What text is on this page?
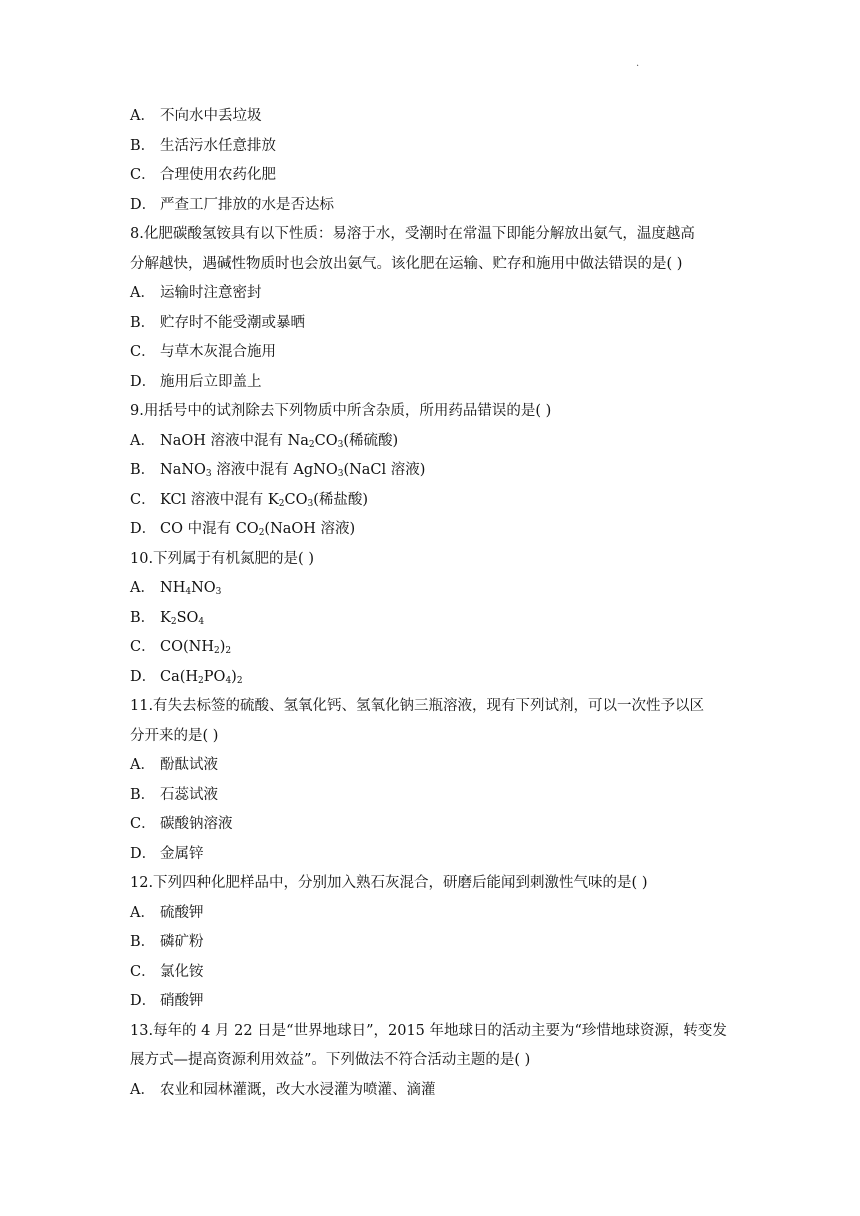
.
A． 不向水中丢垃圾
B． 生活污水任意排放
C． 合理使用农药化肥
D． 严查工厂排放的水是否达标
8.化肥碳酸氢铵具有以下性质：易溶于水，受潮时在常温下即能分解放出氨气，温度越高
分解越快，遇碱性物质时也会放出氨气。该化肥在运输、贮存和施用中做法错误的是( )
A． 运输时注意密封
B． 贮存时不能受潮或暴晒
C． 与草木灰混合施用
D． 施用后立即盖上
9.用括号中的试剂除去下列物质中所含杂质，所用药品错误的是( )
A． NaOH 溶液中混有 $Na_2CO_3$(稀硫酸)
B． NaNO$_3$ 溶液中混有 AgNO$_3$(NaCl 溶液)
C． KCl 溶液中混有 $K_2CO_3$(稀盐酸)
D． CO 中混有 $CO_2(NaOH$ 溶液)
10.下列属于有机氮肥的是( )
A． $NH_4NO_3$
B． $K_2SO_4$
C． $CO(NH_2)_2$
D． $Ca(H_2PO_4)_2$
11.有失去标签的硫酸、氢氧化钙、氢氧化钠三瓶溶液，现有下列试剂，可以一次性予以区
分开来的是( )
A． 酚酞试液
B． 石蕊试液
C． 碳酸钠溶液
D． 金属锌
12.下列四种化肥样品中，分别加入熟石灰混合，研磨后能闻到刺激性气味的是( )
A． 硫酸钾
B． 磷矿粉
C． 氯化铵
D． 硝酸钾
13.每年的 4 月 22 日是“世界地球日”，2015 年地球日的活动主要为“珍惜地球资源，转变发
展方式—提高资源利用效益”。下列做法不符合活动主题的是( )
A． 农业和园林灌溉，改大水浸灌为喷灌、滴灌
